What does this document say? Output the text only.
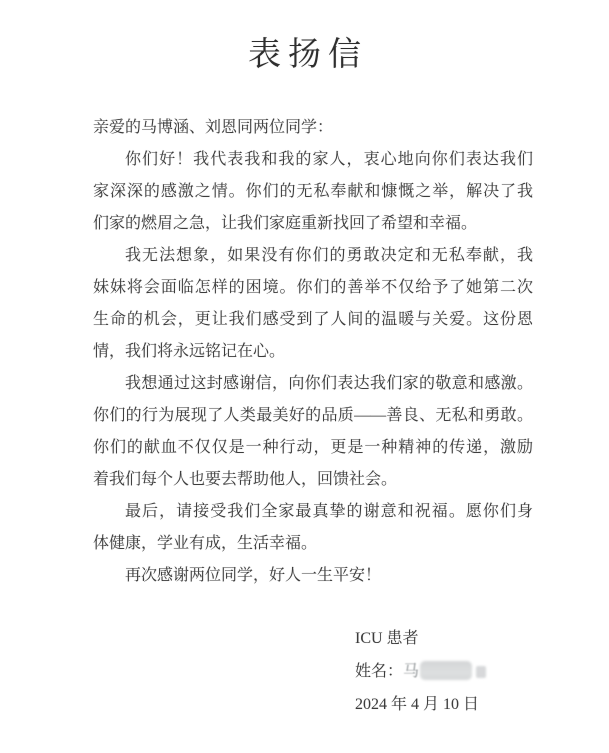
表扬信
亲爱的马博涵、刘恩同两位同学：
你们好！我代表我和我的家人，衷心地向你们表达我们
家深深的感激之情。你们的无私奉献和慷慨之举，解决了我
们家的燃眉之急，让我们家庭重新找回了希望和幸福。
我无法想象，如果没有你们的勇敢决定和无私奉献，我
妹妹将会面临怎样的困境。你们的善举不仅给予了她第二次
生命的机会，更让我们感受到了人间的温暖与关爱。这份恩
情，我们将永远铭记在心。
我想通过这封感谢信，向你们表达我们家的敬意和感激。
你们的行为展现了人类最美好的品质——善良、无私和勇敢。
你们的献血不仅仅是一种行动，更是一种精神的传递，激励
着我们每个人也要去帮助他人，回馈社会。
最后，请接受我们全家最真挚的谢意和祝福。愿你们身
体健康，学业有成，生活幸福。
再次感谢两位同学，好人一生平安！
ICU 患者
姓名：马
2024 年 4 月 10 日
